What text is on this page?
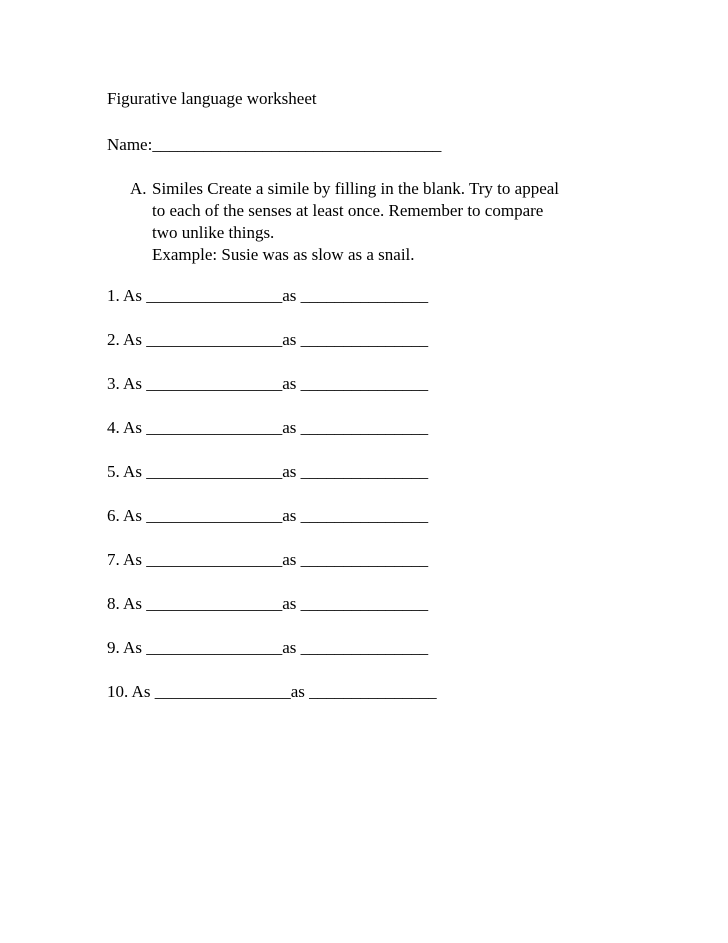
Figurative language worksheet
Name:__________________________________
A. Similes Create a simile by filling in the blank. Try to appeal
to each of the senses at least once. Remember to compare
two unlike things.
Example: Susie was as slow as a snail.
1. As ________________as _______________
2. As ________________as _______________
3. As ________________as _______________
4. As ________________as _______________
5. As ________________as _______________
6. As ________________as _______________
7. As ________________as _______________
8. As ________________as _______________
9. As ________________as _______________
10. As ________________as _______________
